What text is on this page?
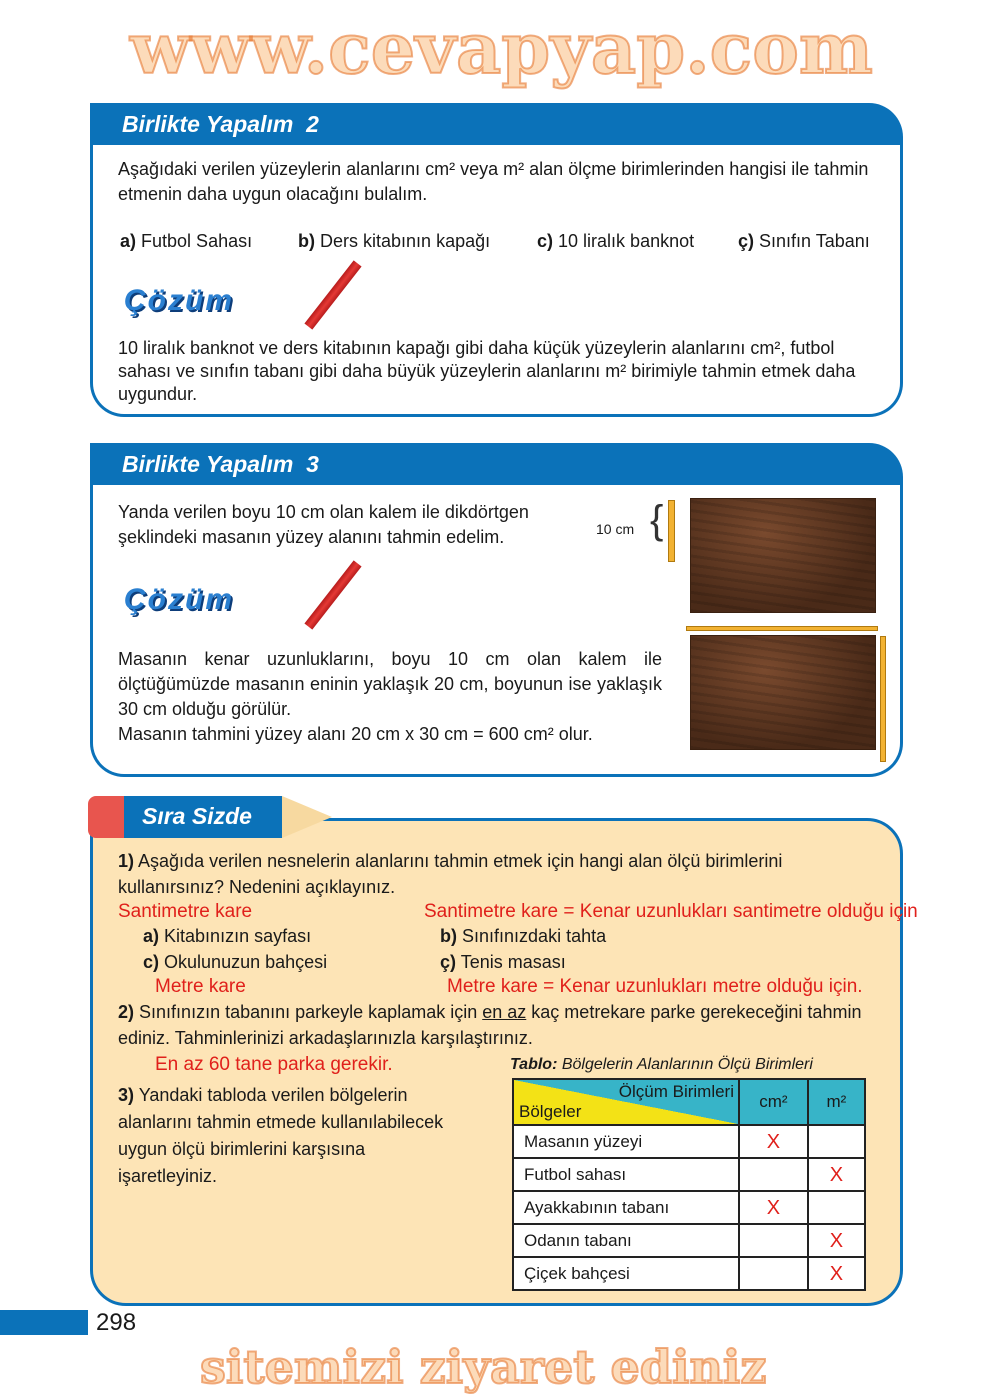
www.cevapyap.com
sitemizi ziyaret ediniz
Birlikte Yapalım 2
Aşağıdaki verilen yüzeylerin alanlarını cm² veya m² alan ölçme birimlerinden hangisi ile tahmin etmenin daha uygun olacağını bulalım.
a) Futbol Sahası	b) Ders kitabının kapağı	c) 10 liralık banknot ç) Sınıfın Tabanı
Çözüm
10 liralık banknot ve ders kitabının kapağı gibi daha küçük yüzeylerin alanlarını cm², futbol sahası ve sınıfın tabanı gibi daha büyük yüzeylerin alanlarını m² birimiyle tahmin etmek daha uygundur.
Birlikte Yapalım 3
Yanda verilen boyu 10 cm olan kalem ile dikdörtgen şeklindeki masanın yüzey alanını tahmin edelim.	10 cm {
Çözüm
Masanın kenar uzunluklarını, boyu 10 cm olan kalem ile ölçtüğümüzde masanın eninin yaklaşık 20 cm, boyunun ise yaklaşık 30 cm olduğu görülür.
Masanın tahmini yüzey alanı 20 cm x 30 cm = 600 cm² olur.
Sıra Sizde
1) Aşağıda verilen nesnelerin alanlarını tahmin etmek için hangi alan ölçü birimlerini kullanırsınız? Nedenini açıklayınız.
Santimetre kare	Santimetre kare = Kenar uzunlukları santimetre olduğu için
a) Kitabınızın sayfası	b) Sınıfınızdaki tahta
c) Okulunuzun bahçesi	ç) Tenis masası
Metre kare	Metre kare = Kenar uzunlukları metre olduğu için.
2) Sınıfınızın tabanını parkeyle kaplamak için en az kaç metrekare parke gerekeceğini tahmin ediniz. Tahminlerinizi arkadaşlarınızla karşılaştırınız.
En az 60 tane parka gerekir.	Tablo: Bölgelerin Alanlarının Ölçü Birimleri
3) Yandaki tabloda verilen bölgelerin alanlarını tahmin etmede kullanılabilecek uygun ölçü birimlerini karşısına işaretleyiniz.
Ölçüm Birimleri
Bölgeler	cm²	m²
Masanın yüzeyi	X	
Futbol sahası		X
Ayakkabının tabanı	X	
Odanın tabanı		X
Çiçek bahçesi		X
298
